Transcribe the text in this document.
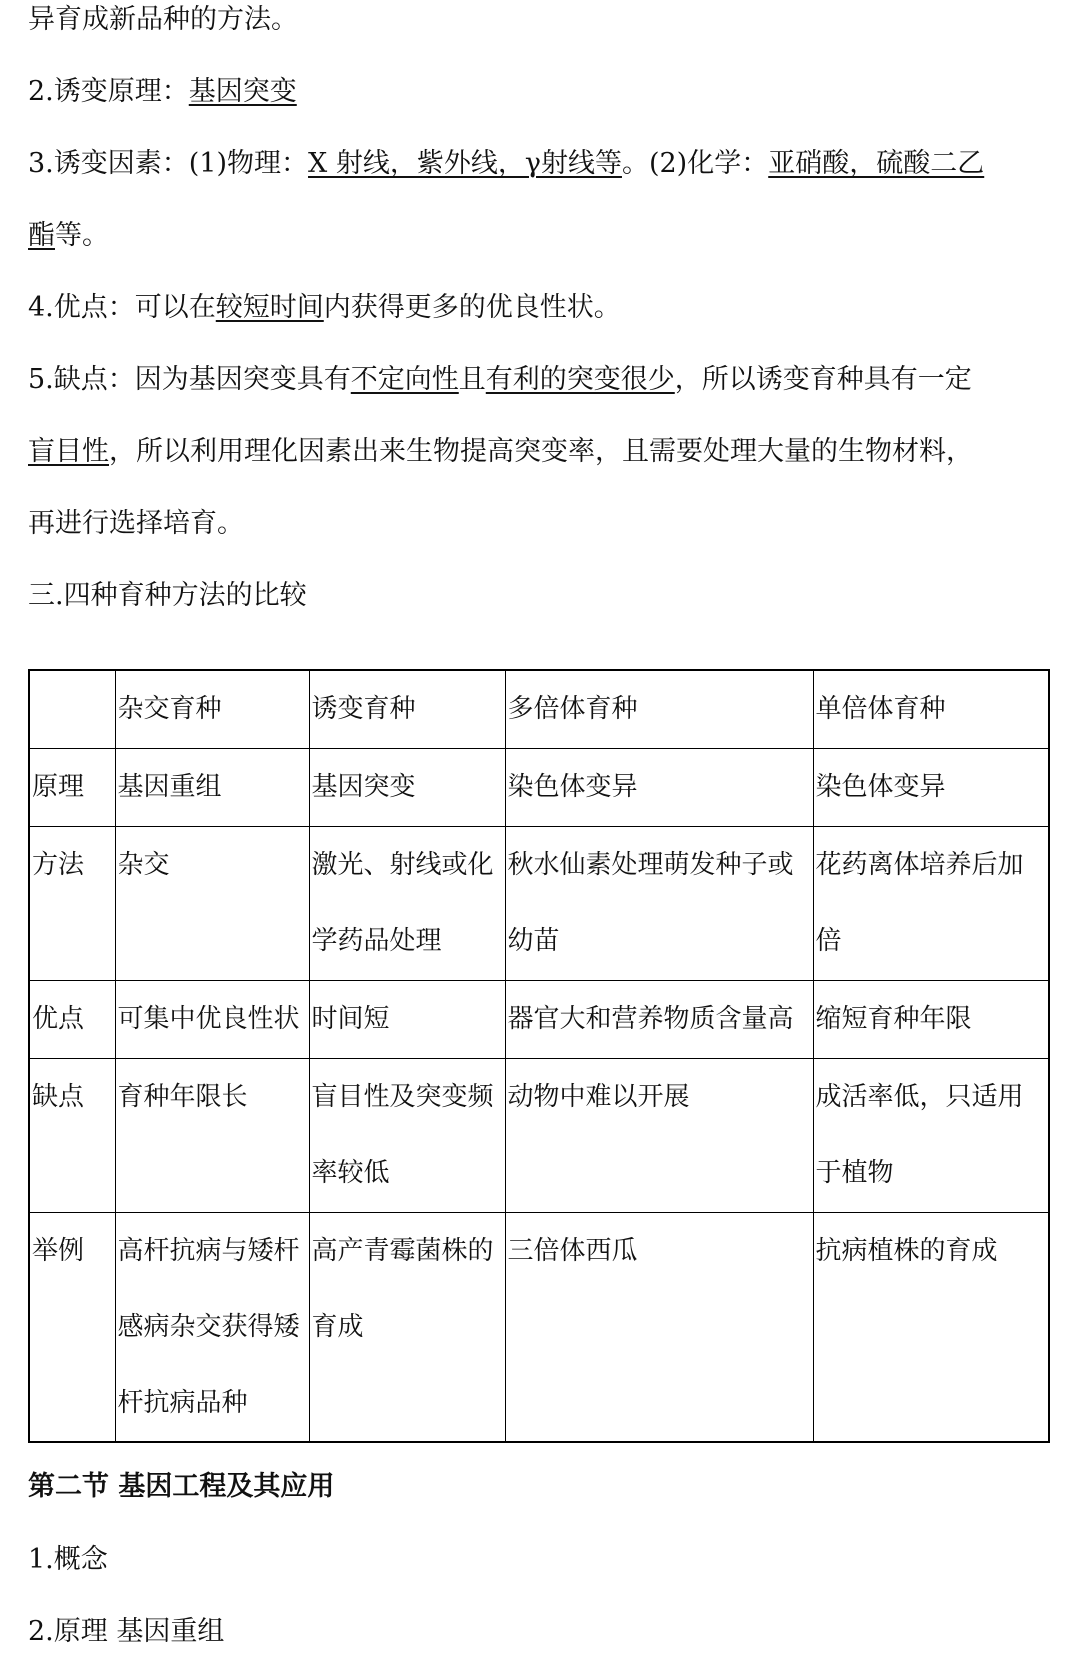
异育成新品种的方法。
2.诱变原理：基因突变
3.诱变因素：(1)物理：X 射线，紫外线，γ射线等。(2)化学：亚硝酸，硫酸二乙
酯等。
4.优点：可以在较短时间内获得更多的优良性状。
5.缺点：因为基因突变具有不定向性且有利的突变很少，所以诱变育种具有一定
盲目性，所以利用理化因素出来生物提高突变率，且需要处理大量的生物材料，
再进行选择培育。
三.四种育种方法的比较
	杂交育种	诱变育种	多倍体育种	单倍体育种
原理	基因重组	基因突变	染色体变异	染色体变异
方法	杂交	激光、射线或化学药品处理	秋水仙素处理萌发种子或幼苗	花药离体培养后加倍
优点	可集中优良性状	时间短	器官大和营养物质含量高	缩短育种年限
缺点	育种年限长	盲目性及突变频率较低	动物中难以开展	成活率低，只适用于植物
举例	高杆抗病与矮杆感病杂交获得矮杆抗病品种	高产青霉菌株的育成	三倍体西瓜	抗病植株的育成
第二节 基因工程及其应用
1.概念
2.原理 基因重组
